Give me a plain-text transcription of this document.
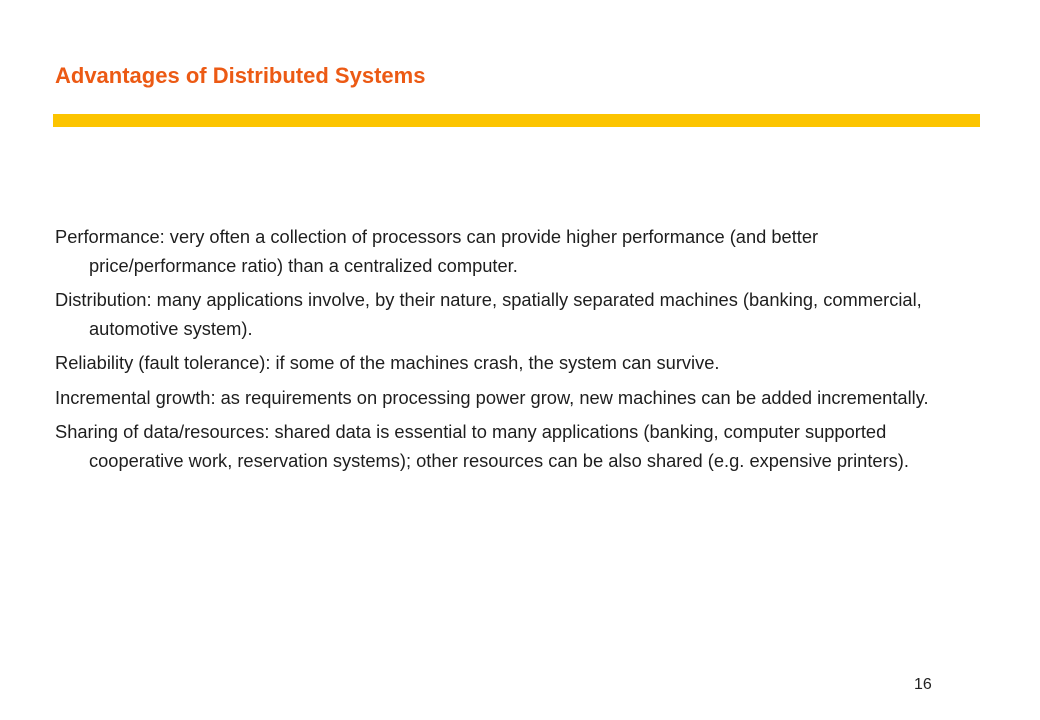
Advantages of Distributed Systems
Performance: very often a collection of processors can provide higher performance (and better price/performance ratio) than a centralized computer.
Distribution: many applications involve, by their nature, spatially separated machines (banking, commercial, automotive system).
Reliability (fault tolerance): if some of the machines crash, the system can survive.
Incremental growth: as requirements on processing power grow, new machines can be added incrementally.
Sharing of data/resources: shared data is essential to many applications (banking, computer supported cooperative work, reservation systems); other resources can be also shared (e.g. expensive printers).
16
